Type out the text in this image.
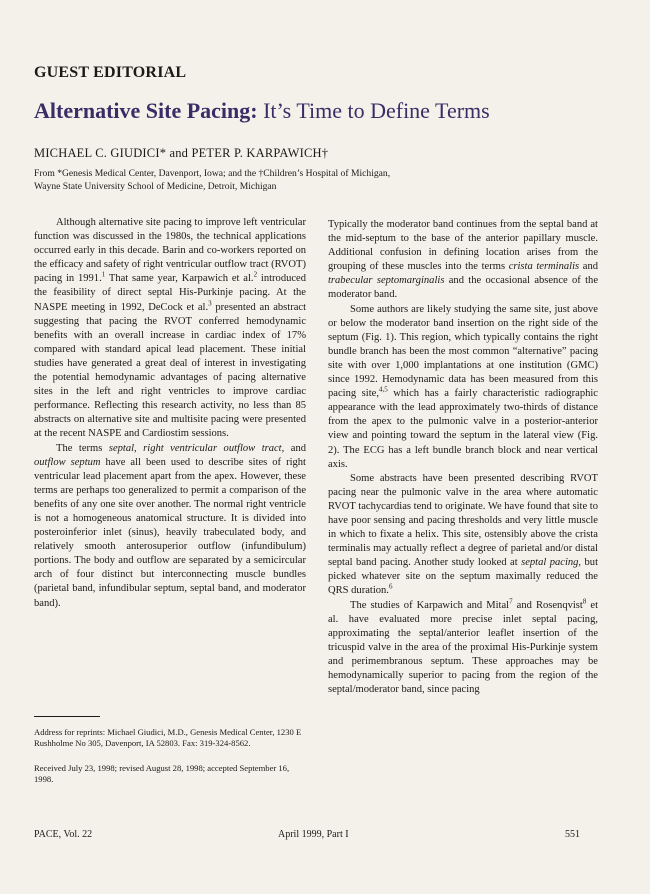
GUEST EDITORIAL
Alternative Site Pacing: It’s Time to Define Terms
MICHAEL C. GIUDICI* and PETER P. KARPAWICH†
From *Genesis Medical Center, Davenport, Iowa; and the †Children’s Hospital of Michigan,
Wayne State University School of Medicine, Detroit, Michigan

Although alternative site pacing to improve left ventricular function was discussed in the 1980s, the technical applications occurred early in this decade. Barin and co-workers reported on the efficacy and safety of right ventricular outflow tract (RVOT) pacing in 1991.$^1$ That same year, Karpawich et al.$^2$ introduced the feasibility of direct septal His-Purkinje pacing. At the NASPE meeting in 1992, DeCock et al.$^3$ presented an abstract suggesting that pacing the RVOT conferred hemodynamic benefits with an overall increase in cardiac index of 17% compared with standard apical lead placement. These initial studies have generated a great deal of interest in investigating the potential hemodynamic advantages of pacing alternative sites in the left and right ventricles to improve cardiac performance. Reflecting this research activity, no less than 85 abstracts on alternative site and multisite pacing were presented at the recent NASPE and Cardiostim sessions.

The terms septal, right ventricular outflow tract, and outflow septum have all been used to describe sites of right ventricular lead placement apart from the apex. However, these terms are perhaps too generalized to permit a comparison of the benefits of any one site over another. The normal right ventricle is not a homogeneous anatomical structure. It is divided into posteroinferior inlet (sinus), heavily trabeculated body, and relatively smooth anterosuperior outflow (infundibulum) portions. The body and outflow are separated by a semicircular arch of four distinct but interconnecting muscle bundles (parietal band, infundibular septum, septal band, and moderator band).

Typically the moderator band continues from the septal band at the mid-septum to the base of the anterior papillary muscle. Additional confusion in defining location arises from the grouping of these muscles into the terms crista terminalis and trabecular septomarginalis and the occasional absence of the moderator band.

Some authors are likely studying the same site, just above or below the moderator band insertion on the right side of the septum (Fig. 1). This region, which typically contains the right bundle branch has been the most common “alternative” pacing site with over 1,000 implantations at one institution (GMC) since 1992. Hemodynamic data has been measured from this pacing site,$^{4,5}$ which has a fairly characteristic radiographic appearance with the lead approximately two-thirds of distance from the apex to the pulmonic valve in a posterior-anterior view and pointing toward the septum in the lateral view (Fig. 2). The ECG has a left bundle branch block and near vertical axis.

Some abstracts have been presented describing RVOT pacing near the pulmonic valve in the area where automatic RVOT tachycardias tend to originate. We have found that site to have poor sensing and pacing thresholds and very little muscle in which to fixate a helix. This site, ostensibly above the crista terminalis may actually reflect a degree of parietal and/or distal septal band pacing. Another study looked at septal pacing, but picked whatever site on the septum maximally reduced the QRS duration.$^6$

The studies of Karpawich and Mital$^7$ and Rosenqvist$^8$ et al. have evaluated more precise inlet septal pacing, approximating the septal/anterior leaflet insertion of the tricuspid valve in the area of the proximal His-Purkinje system and perimembranous septum. These approaches may be hemodynamically superior to pacing from the region of the septal/moderator band, since pacing

Address for reprints: Michael Giudici, M.D., Genesis Medical Center, 1230 E Rushholme No 305, Davenport, IA 52803. Fax: 319-324-8562.
Received July 23, 1998; revised August 28, 1998; accepted September 16, 1998.
PACE, Vol. 22	April 1999, Part I	551
